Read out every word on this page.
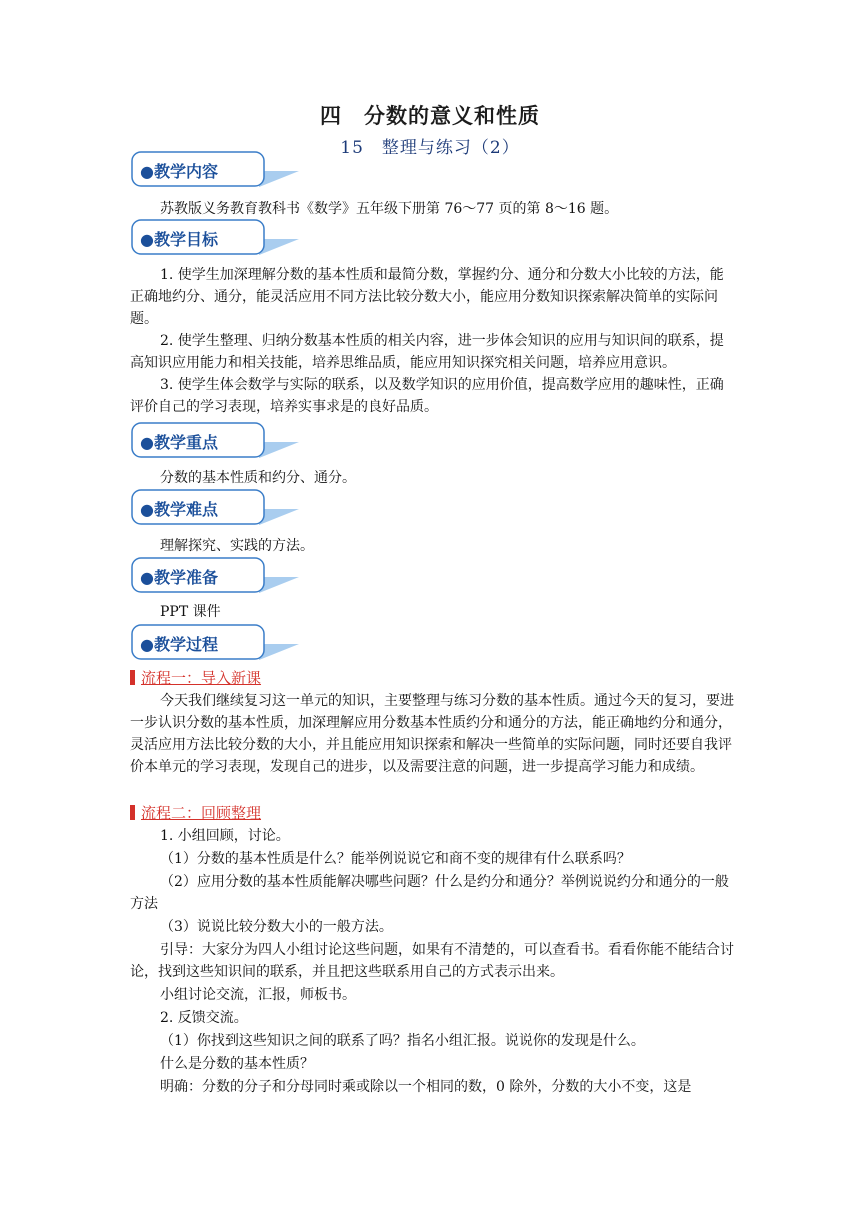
四　分数的意义和性质
15　整理与练习（2）
●教学内容

苏教版义务教育教科书《数学》五年级下册第 76～77 页的第 8～16 题。

●教学目标

1. 使学生加深理解分数的基本性质和最简分数，掌握约分、通分和分数大小比较的方法，能正确地约分、通分，能灵活应用不同方法比较分数大小，能应用分数知识探索解决简单的实际问题。

2. 使学生整理、归纳分数基本性质的相关内容，进一步体会知识的应用与知识间的联系，提高知识应用能力和相关技能，培养思维品质，能应用知识探究相关问题，培养应用意识。

3. 使学生体会数学与实际的联系，以及数学知识的应用价值，提高数学应用的趣味性，正确评价自己的学习表现，培养实事求是的良好品质。

●教学重点

分数的基本性质和约分、通分。

●教学难点

理解探究、实践的方法。

●教学准备

PPT 课件

●教学过程
流程一：导入新课

今天我们继续复习这一单元的知识，主要整理与练习分数的基本性质。通过今天的复习，要进一步认识分数的基本性质，加深理解应用分数基本性质约分和通分的方法，能正确地约分和通分，灵活应用方法比较分数的大小，并且能应用知识探索和解决一些简单的实际问题，同时还要自我评价本单元的学习表现，发现自己的进步，以及需要注意的问题，进一步提高学习能力和成绩。

流程二：回顾整理

1. 小组回顾，讨论。

（1）分数的基本性质是什么？能举例说说它和商不变的规律有什么联系吗？

（2）应用分数的基本性质能解决哪些问题？什么是约分和通分？举例说说约分和通分的一般方法

（3）说说比较分数大小的一般方法。

引导：大家分为四人小组讨论这些问题，如果有不清楚的，可以查看书。看看你能不能结合讨论，找到这些知识间的联系，并且把这些联系用自己的方式表示出来。

小组讨论交流，汇报，师板书。

2. 反馈交流。

（1）你找到这些知识之间的联系了吗？指名小组汇报。说说你的发现是什么。

什么是分数的基本性质？

明确：分数的分子和分母同时乘或除以一个相同的数，0 除外，分数的大小不变，这是
